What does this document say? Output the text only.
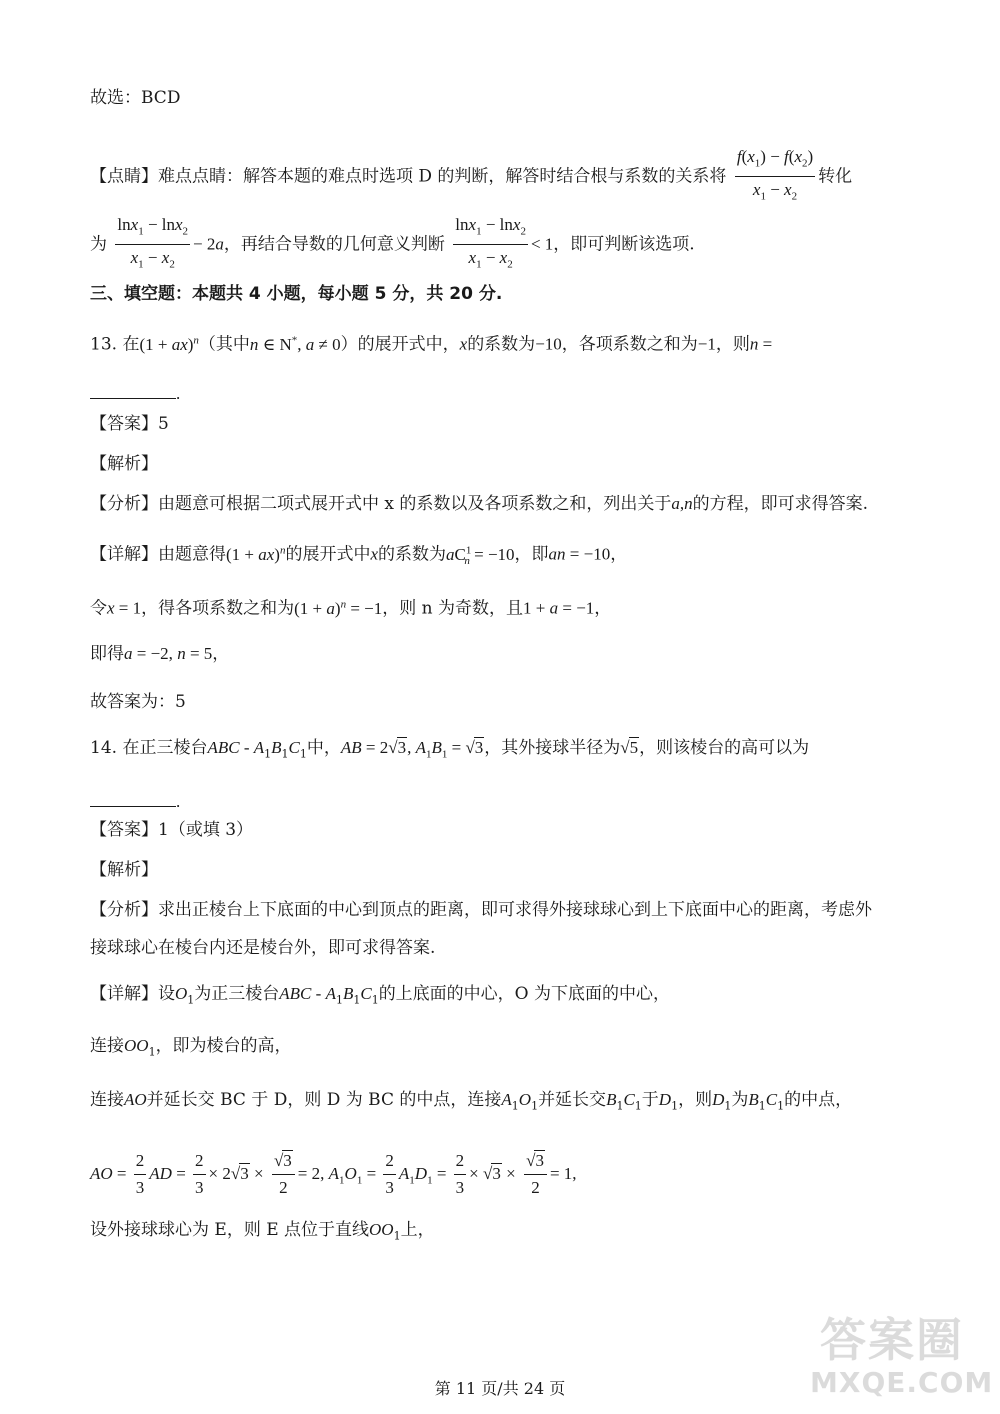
故选：BCD
【点睛】难点点睛：解答本题的难点时选项 D 的判断，解答时结合根与系数的关系将 $\frac{f(x_1) - f(x_2)}{x_1 - x_2}$ 转化
为 $\frac{\ln x_1 - \ln x_2}{x_1 - x_2} - 2a$，再结合导数的几何意义判断 $\frac{\ln x_1 - \ln x_2}{x_1 - x_2} < 1$，即可判断该选项.
三、填空题：本题共 4 小题，每小题 5 分，共 20 分.
13. 在(1 + ax)$^n$（其中n ∈ N*, a ≠ 0）的展开式中，x的系数为−10，各项系数之和为−1，则n =
.
【答案】5
【解析】
【分析】由题意可根据二项式展开式中 x 的系数以及各项系数之和，列出关于a,n的方程，即可求得答案.
【详解】由题意得(1 + ax)$^n$的展开式中x的系数为$aC^1_n = -10$，即an = −10，
令x = 1，得各项系数之和为$(1 + a)^n = -1$，则 n 为奇数，且1 + a = −1，
即得a = −2, n = 5，
故答案为：5
14. 在正三棱台ABC - $A_1B_1C_1$中，AB = 2√3, $A_1B_1 = √3$，其外接球半径为√5，则该棱台的高可以为
.
【答案】1（或填 3）
【解析】
【分析】求出正棱台上下底面的中心到顶点的距离，即可求得外接球球心到上下底面中心的距离，考虑外
接球球心在棱台内还是棱台外，即可求得答案.
【详解】设$O_1$为正三棱台ABC - $A_1B_1C_1$的上底面的中心，O 为下底面的中心，
连接$OO_1$，即为棱台的高，
连接AO并延长交 BC 于 D，则 D 为 BC 的中点，连接$A_1O_1$并延长交$B_1C_1$于$D_1$，则$D_1$为$B_1C_1$的中点，
AO = $\frac{2}{3}$ AD = $\frac{2}{3} \times 2√3 \times \frac{√3}{2} = 2$, $A_1O_1 = \frac{2}{3} A_1D_1 = \frac{2}{3} \times √3 \times \frac{√3}{2} = 1$,
设外接球球心为 E，则 E 点位于直线$OO_1$上，
第 11 页/共 24 页
答案圈
MXQE.COM
